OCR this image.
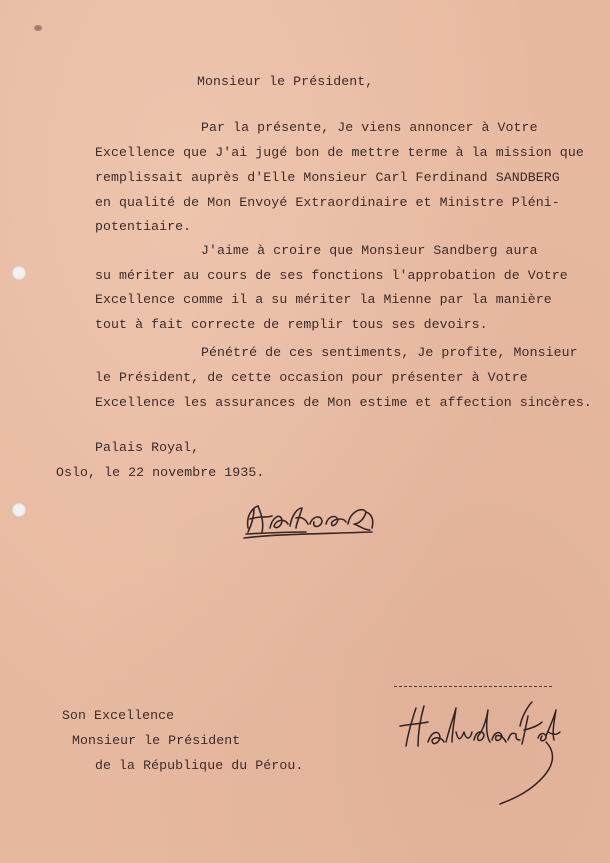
Monsieur le Président,
Par la présente, Je viens annoncer à Votre
Excellence que J'ai jugé bon de mettre terme à la mission que
remplissait auprès d'Elle Monsieur Carl Ferdinand SANDBERG
en qualité de Mon Envoyé Extraordinaire et Ministre Pléni-
potentiaire.
J'aime à croire que Monsieur Sandberg aura
su mériter au cours de ses fonctions l'approbation de Votre
Excellence comme il a su mériter la Mienne par la manière
tout à fait correcte de remplir tous ses devoirs.
Pénétré de ces sentiments, Je profite, Monsieur
le Président, de cette occasion pour présenter à Votre
Excellence les assurances de Mon estime et affection sincères.
Palais Royal,
Oslo, le 22 novembre 1935.
Son Excellence
Monsieur le Président
de la République du Pérou.
